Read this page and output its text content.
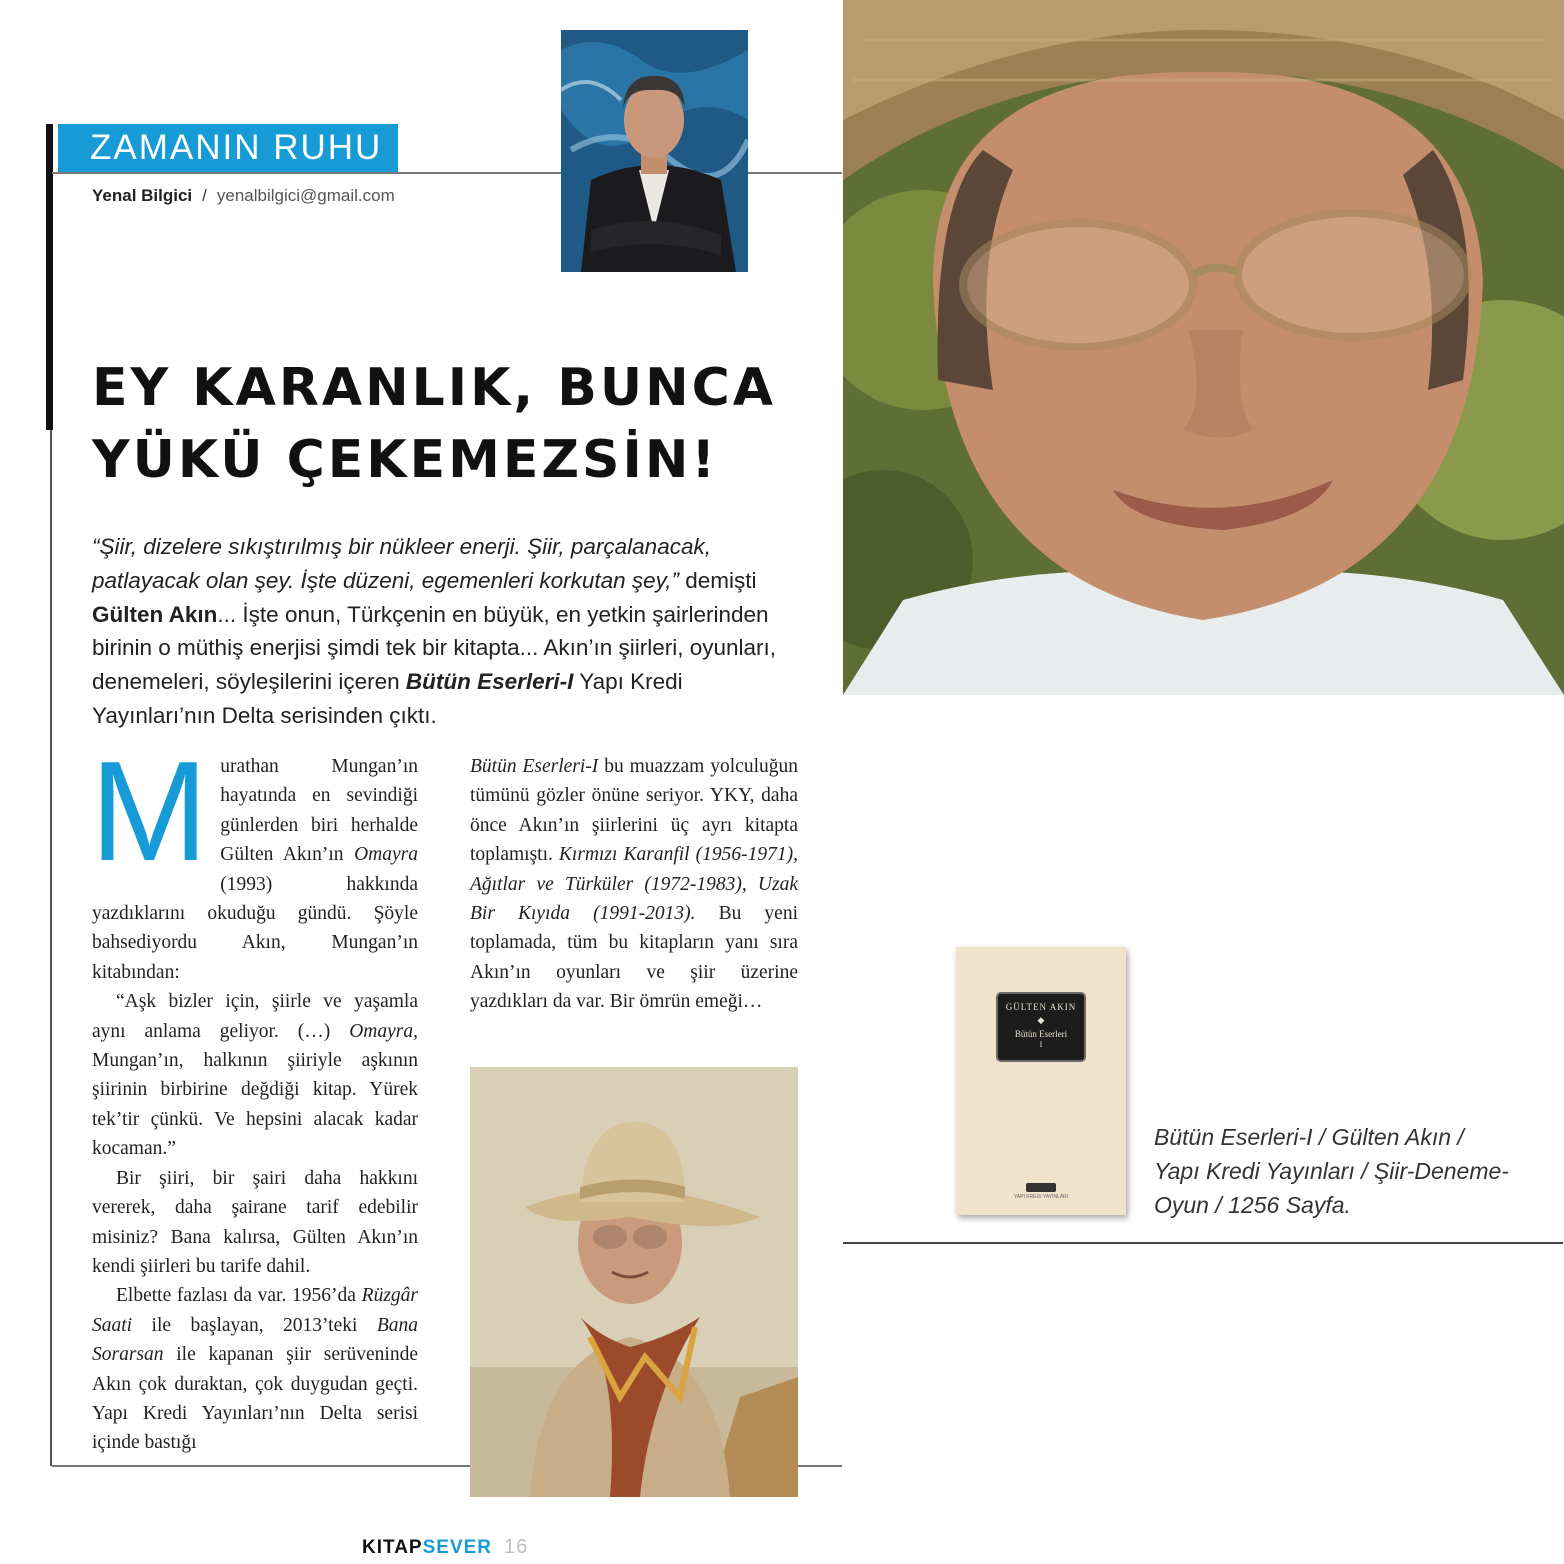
ZAMANIN RUHU
Yenal Bilgici / yenalbilgici@gmail.com
EY KARANLIK, BUNCA
YÜKÜ ÇEKEMEZSİN!
“Şiir, dizelere sıkıştırılmış bir nükleer enerji. Şiir, parçalanacak, patlayacak olan şey. İşte düzeni, egemenleri korkutan şey,” demişti Gülten Akın... İşte onun, Türkçenin en büyük, en yetkin şairlerinden birinin o müthiş enerjisi şimdi tek bir kitapta... Akın’ın şiirleri, oyunları, denemeleri, söyleşilerini içeren Bütün Eserleri-I Yapı Kredi Yayınları’nın Delta serisinden çıktı.
M urathan Mungan’ın hayatında en sevindiği günlerden biri herhalde Gülten Akın’ın Omayra (1993) hakkında yazdıklarını okuduğu gündü. Şöyle bahsediyordu Akın, Mungan’ın kitabından:

“Aşk bizler için, şiirle ve yaşamla aynı anlama geliyor. (…) Omayra, Mungan’ın, halkının şiiriyle aşkının şiirinin birbirine değdiği kitap. Yürek tek’tir çünkü. Ve hepsini alacak kadar kocaman.”

Bir şiiri, bir şairi daha hakkını vererek, daha şairane tarif edebilir misiniz? Bana kalırsa, Gülten Akın’ın kendi şiirleri bu tarife dahil.

Elbette fazlası da var. 1956’da Rüzgâr Saati ile başlayan, 2013’teki Bana Sorarsan ile kapanan şiir serüveninde Akın çok duraktan, çok duygudan geçti. Yapı Kredi Yayınları’nın Delta serisi içinde bastığı

Bütün Eserleri-I bu muazzam yolculuğun tümünü gözler önüne seriyor. YKY, daha önce Akın’ın şiirlerini üç ayrı kitapta toplamıştı. Kırmızı Karanfil (1956-1971), Ağıtlar ve Türküler (1972-1983), Uzak Bir Kıyıda (1991-2013). Bu yeni toplamada, tüm bu kitapların yanı sıra Akın’ın oyunları ve şiir üzerine yazdıkları da var. Bir ömrün emeği…	GÜLTEN AKIN
◆
Bütün Eserleri
I
YAPI KREDI YAYINLARI
Bütün Eserleri-I / Gülten Akın /
Yapı Kredi Yayınları / Şiir-Deneme-
Oyun / 1256 Sayfa.
KITAPSEVER 16
